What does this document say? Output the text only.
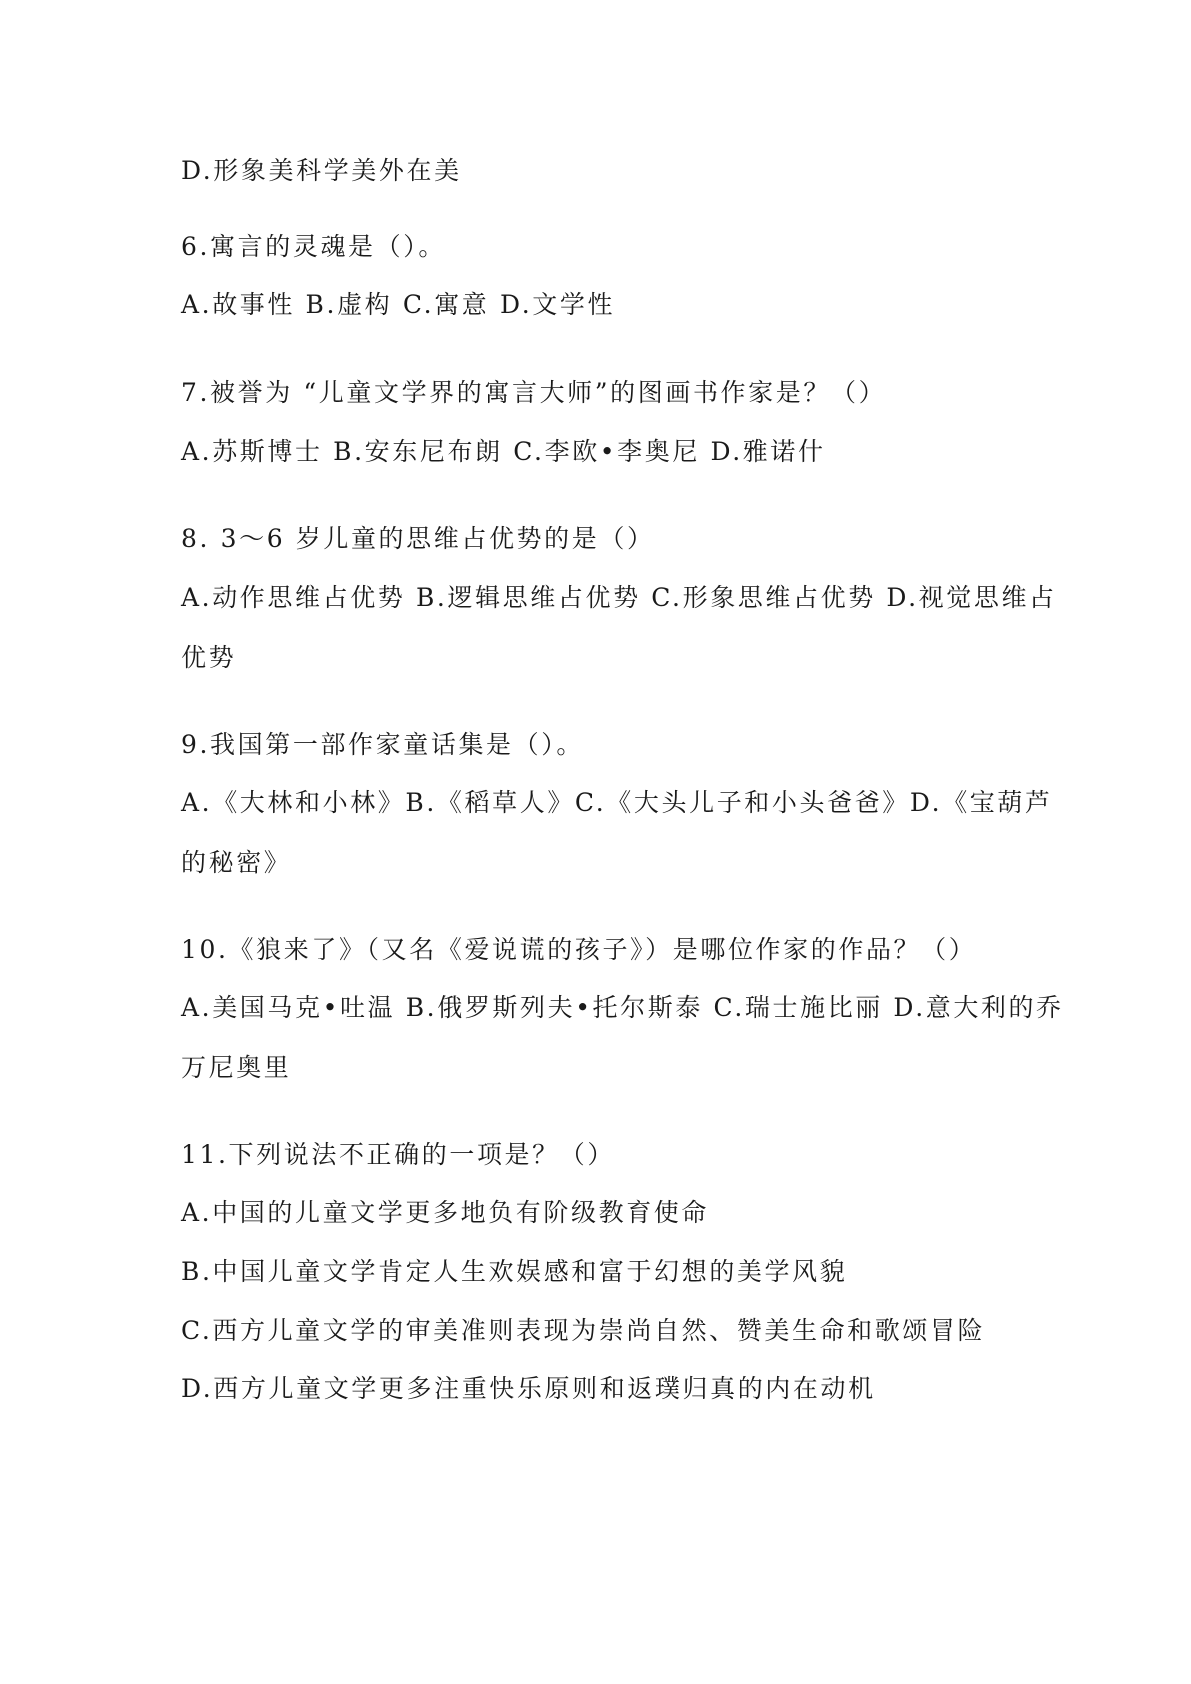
D.形象美科学美外在美

6.寓言的灵魂是（）。

A.故事性 B.虚构 C.寓意 D.文学性

7.被誉为 “儿童文学界的寓言大师”的图画书作家是？（）

A.苏斯博士 B.安东尼布朗 C.李欧•李奥尼 D.雅诺什

8. 3～6 岁儿童的思维占优势的是（）

A.动作思维占优势 B.逻辑思维占优势 C.形象思维占优势 D.视觉思维占

优势

9.我国第一部作家童话集是（）。

A.《大林和小林》B.《稻草人》C.《大头儿子和小头爸爸》D.《宝葫芦

的秘密》

10.《狼来了》（又名《爱说谎的孩子》）是哪位作家的作品？（）

A.美国马克•吐温 B.俄罗斯列夫•托尔斯泰 C.瑞士施比丽 D.意大利的乔

万尼奥里

11.下列说法不正确的一项是？（）

A.中国的儿童文学更多地负有阶级教育使命

B.中国儿童文学肯定人生欢娱感和富于幻想的美学风貌

C.西方儿童文学的审美准则表现为崇尚自然、赞美生命和歌颂冒险

D.西方儿童文学更多注重快乐原则和返璞归真的内在动机
